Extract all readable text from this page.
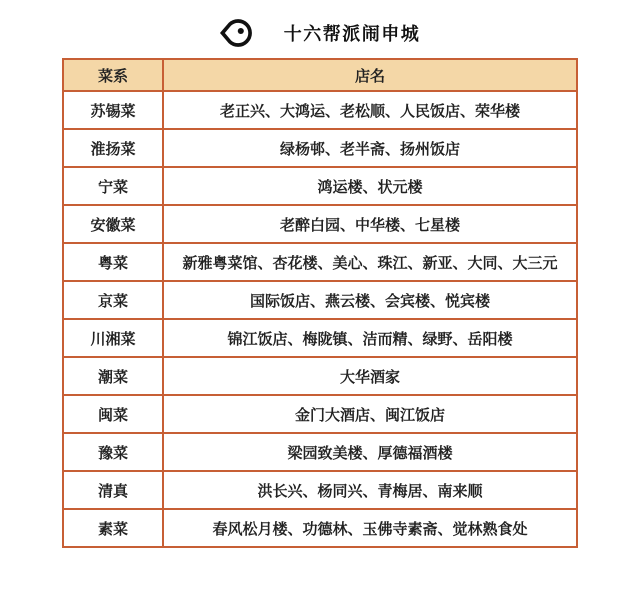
十六帮派闹申城
菜系	店名
苏锡菜	老正兴、大鸿运、老松顺、人民饭店、荣华楼
淮扬菜	绿杨邨、老半斋、扬州饭店
宁菜	鸿运楼、状元楼
安徽菜	老醉白园、中华楼、七星楼
粤菜	新雅粤菜馆、杏花楼、美心、珠江、新亚、大同、大三元
京菜	国际饭店、燕云楼、会宾楼、悦宾楼
川湘菜	锦江饭店、梅陇镇、洁而精、绿野、岳阳楼
潮菜	大华酒家
闽菜	金门大酒店、闽江饭店
豫菜	梁园致美楼、厚德福酒楼
清真	洪长兴、杨同兴、青梅居、南来顺
素菜	春风松月楼、功德林、玉佛寺素斋、觉林熟食处
